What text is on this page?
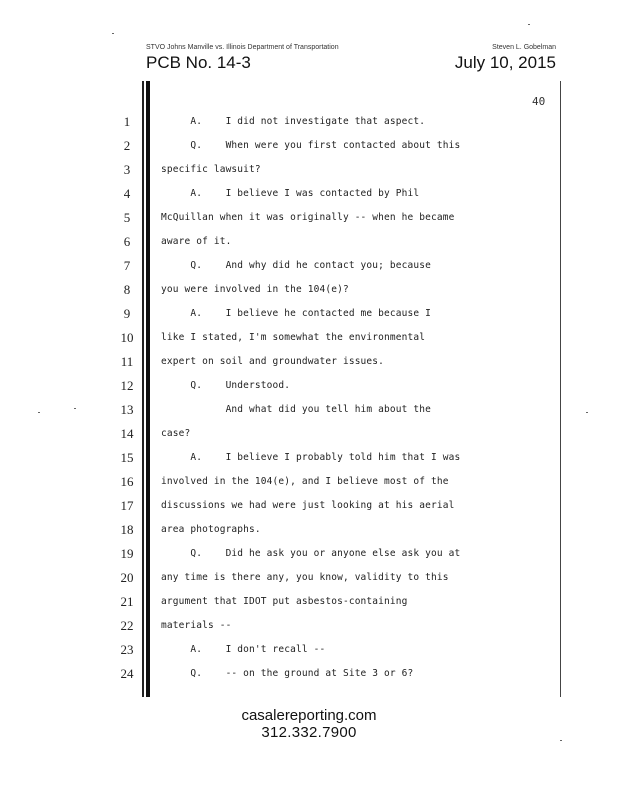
STVO Johns Manville vs. Illinois Department of Transportation	Steven L. Gobelman
PCB No. 14-3	July 10, 2015
40
1	A.    I did not investigate that aspect.
2	Q.    When were you first contacted about this
3	specific lawsuit?
4	A.    I believe I was contacted by Phil
5	McQuillan when it was originally -- when he became
6	aware of it.
7	Q.    And why did he contact you; because
8	you were involved in the 104(e)?
9	A.    I believe he contacted me because I
10	like I stated, I'm somewhat the environmental
11	expert on soil and groundwater issues.
12	Q.    Understood.
13	And what did you tell him about the
14	case?
15	A.    I believe I probably told him that I was
16	involved in the 104(e), and I believe most of the
17	discussions we had were just looking at his aerial
18	area photographs.
19	Q.    Did he ask you or anyone else ask you at
20	any time is there any, you know, validity to this
21	argument that IDOT put asbestos-containing
22	materials --
23	A.    I don't recall --
24	Q.    -- on the ground at Site 3 or 6?
casalereporting.com
312.332.7900
